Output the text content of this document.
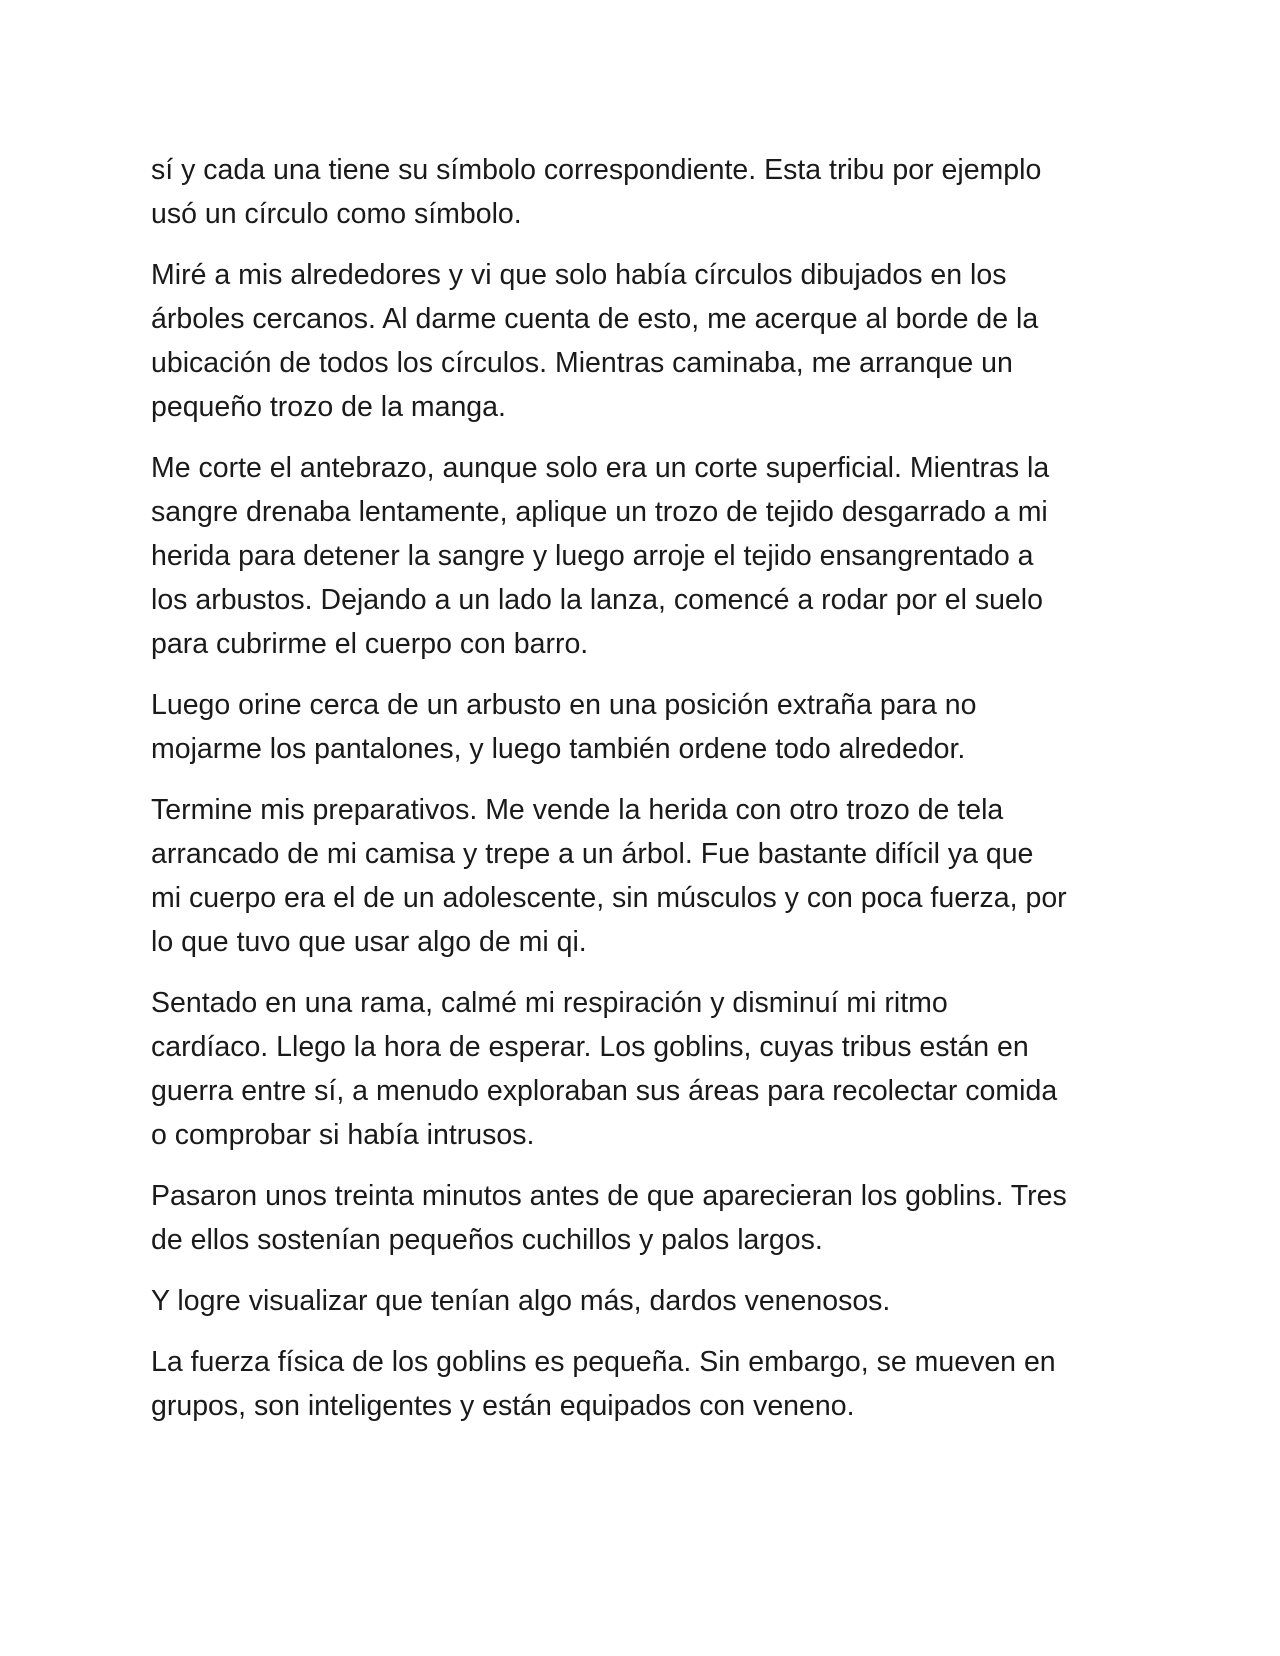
sí y cada una tiene su símbolo correspondiente. Esta tribu por ejemplo
usó un círculo como símbolo.

Miré a mis alrededores y vi que solo había círculos dibujados en los
árboles cercanos. Al darme cuenta de esto, me acerque al borde de la
ubicación de todos los círculos. Mientras caminaba, me arranque un
pequeño trozo de la manga.

Me corte el antebrazo, aunque solo era un corte superficial. Mientras la
sangre drenaba lentamente, aplique un trozo de tejido desgarrado a mi
herida para detener la sangre y luego arroje el tejido ensangrentado a
los arbustos. Dejando a un lado la lanza, comencé a rodar por el suelo
para cubrirme el cuerpo con barro.

Luego orine cerca de un arbusto en una posición extraña para no
mojarme los pantalones, y luego también ordene todo alrededor.

Termine mis preparativos. Me vende la herida con otro trozo de tela
arrancado de mi camisa y trepe a un árbol. Fue bastante difícil ya que
mi cuerpo era el de un adolescente, sin músculos y con poca fuerza, por
lo que tuvo que usar algo de mi qi.

Sentado en una rama, calmé mi respiración y disminuí mi ritmo
cardíaco. Llego la hora de esperar. Los goblins, cuyas tribus están en
guerra entre sí, a menudo exploraban sus áreas para recolectar comida
o comprobar si había intrusos.

Pasaron unos treinta minutos antes de que aparecieran los goblins. Tres
de ellos sostenían pequeños cuchillos y palos largos.

Y logre visualizar que tenían algo más, dardos venenosos.

La fuerza física de los goblins es pequeña. Sin embargo, se mueven en
grupos, son inteligentes y están equipados con veneno.
